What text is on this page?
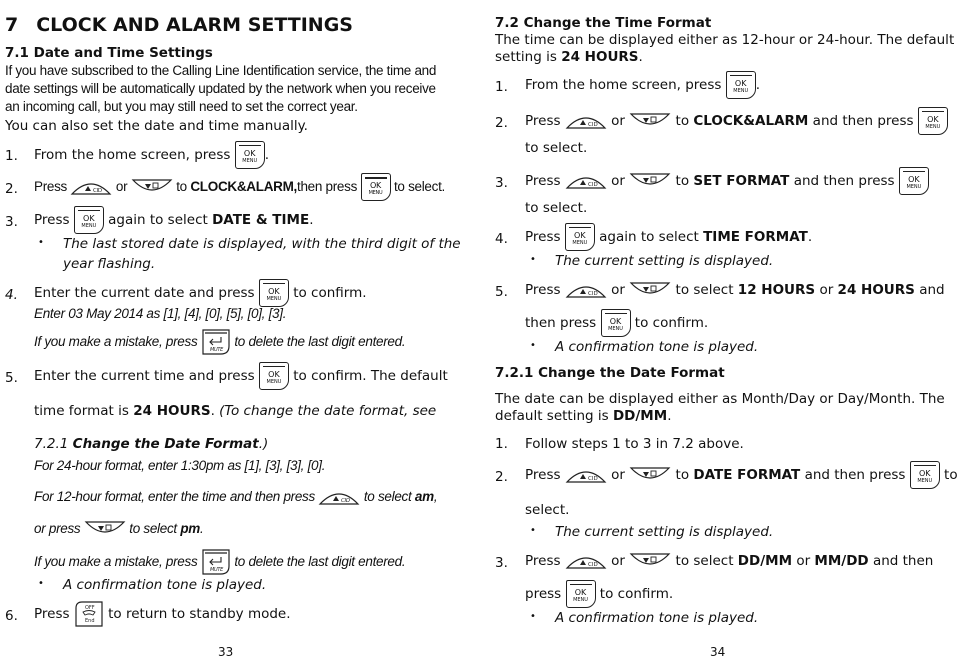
7 CLOCK AND ALARM SETTINGS
7.1 Date and Time Settings
If you have subscribed to the Calling Line Identification service, the time and
date settings will be automatically updated by the network when you receive
an incoming call, but you may still need to set the correct year.
You can also set the date and time manually.
1. From the home screen, press	OK
MENU .
2. Press	CID or	to CLOCK&ALARM,then press	OK
MENU to select.
3. Press	OK
MENU again to select DATE & TIME.
• The last stored date is displayed, with the third digit of the
year flashing.
4. Enter the current date and press	OK
MENU to confirm.
Enter 03 May 2014 as [1], [4], [0], [5], [0], [3].
If you make a mistake, press
MUTE
to delete the last digit entered.
5. Enter the current time and press	OK
MENU to confirm. The default
time format is 24 HOURS. (To change the date format, see
7.2.1 Change the Date Format.)
For 24-hour format, enter 1:30pm as [1], [3], [3], [0].
For 12-hour format, enter the time and then press	CID to select am,
or press	to select pm.
If you make a mistake, press
MUTE
to delete the last digit entered.
• A confirmation tone is played.
6. Press	OFF
End to return to standby mode.
33
7.2 Change the Time Format
The time can be displayed either as 12-hour or 24-hour. The default
setting is 24 HOURS.
1. From the home screen, press	OK
MENU .
2. Press	CID or	to CLOCK&ALARM and then press	OK
MENU
to select.
3. Press	CID or	to SET FORMAT and then press	OK
MENU
to select.
4. Press	OK
MENU again to select TIME FORMAT.
• The current setting is displayed.
5. Press	CID or	to select 12 HOURS or 24 HOURS and
then press	OK
MENU to confirm.
• A confirmation tone is played.
7.2.1 Change the Date Format
The date can be displayed either as Month/Day or Day/Month. The
default setting is DD/MM.
1. Follow steps 1 to 3 in 7.2 above.
2. Press	CID or	to DATE FORMAT and then press	OK
MENU to
select.
• The current setting is displayed.
3. Press	CID or	to select DD/MM or MM/DD and then
press	OK
MENU to confirm.
• A confirmation tone is played.
34
